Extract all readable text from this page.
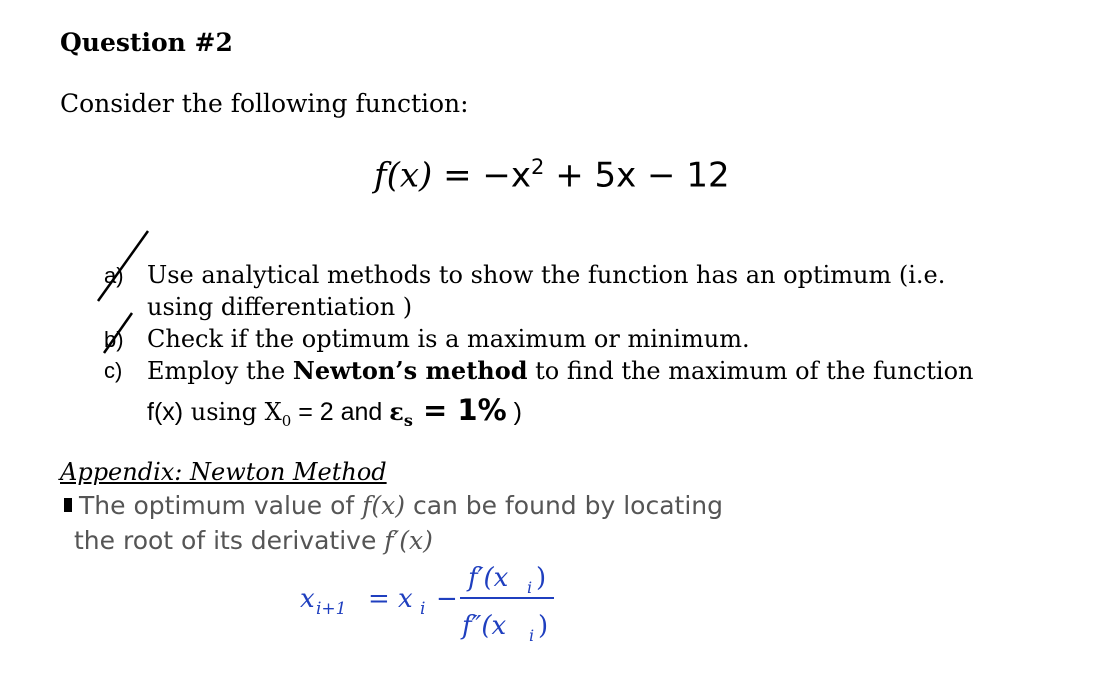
Question #2
Consider the following function:
$f(x) = -x^2 + 5x - 12$
a) Use analytical methods to show the function has an optimum (i.e.
using differentiation )
b) Check if the optimum is a maximum or minimum.
c)	Employ the Newton’s method to find the maximum of the function
f(x) using $X_0 = 2$ and $\varepsilon_s = 1\%$ )
Appendix: Newton Method
The optimum value of f(x) can be found by locating
the root of its derivative f′(x)
x i+1 = x i −
f′(x i )
f″(x i )
